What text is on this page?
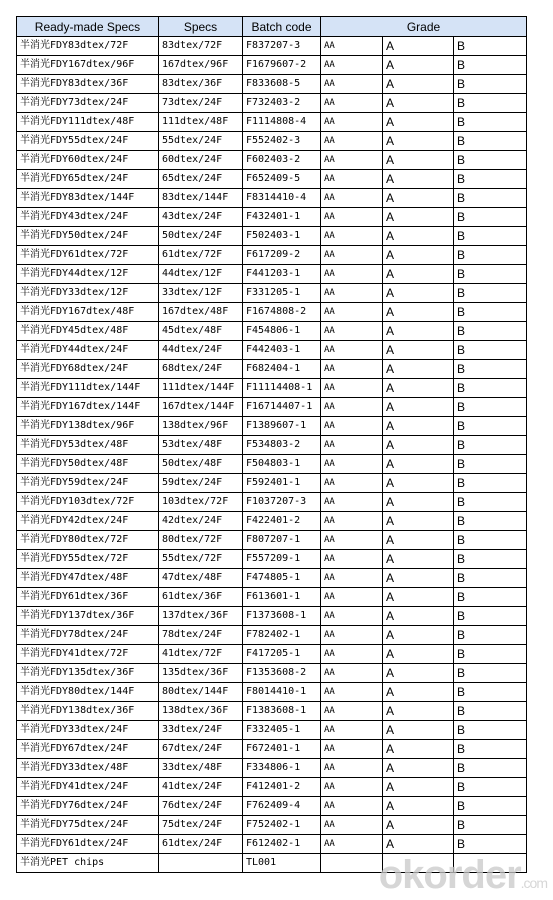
Ready-made Specs	Specs	Batch code	Grade		
半消光FDY83dtex/72F	83dtex/72F	F837207-3	AA	A	B
半消光FDY167dtex/96F	167dtex/96F	F1679607-2	AA	A	B
半消光FDY83dtex/36F	83dtex/36F	F833608-5	AA	A	B
半消光FDY73dtex/24F	73dtex/24F	F732403-2	AA	A	B
半消光FDY111dtex/48F	111dtex/48F	F1114808-4	AA	A	B
半消光FDY55dtex/24F	55dtex/24F	F552402-3	AA	A	B
半消光FDY60dtex/24F	60dtex/24F	F602403-2	AA	A	B
半消光FDY65dtex/24F	65dtex/24F	F652409-5	AA	A	B
半消光FDY83dtex/144F	83dtex/144F	F8314410-4	AA	A	B
半消光FDY43dtex/24F	43dtex/24F	F432401-1	AA	A	B
半消光FDY50dtex/24F	50dtex/24F	F502403-1	AA	A	B
半消光FDY61dtex/72F	61dtex/72F	F617209-2	AA	A	B
半消光FDY44dtex/12F	44dtex/12F	F441203-1	AA	A	B
半消光FDY33dtex/12F	33dtex/12F	F331205-1	AA	A	B
半消光FDY167dtex/48F	167dtex/48F	F1674808-2	AA	A	B
半消光FDY45dtex/48F	45dtex/48F	F454806-1	AA	A	B
半消光FDY44dtex/24F	44dtex/24F	F442403-1	AA	A	B
半消光FDY68dtex/24F	68dtex/24F	F682404-1	AA	A	B
半消光FDY111dtex/144F	111dtex/144F	F11114408-1	AA	A	B
半消光FDY167dtex/144F	167dtex/144F	F16714407-1	AA	A	B
半消光FDY138dtex/96F	138dtex/96F	F1389607-1	AA	A	B
半消光FDY53dtex/48F	53dtex/48F	F534803-2	AA	A	B
半消光FDY50dtex/48F	50dtex/48F	F504803-1	AA	A	B
半消光FDY59dtex/24F	59dtex/24F	F592401-1	AA	A	B
半消光FDY103dtex/72F	103dtex/72F	F1037207-3	AA	A	B
半消光FDY42dtex/24F	42dtex/24F	F422401-2	AA	A	B
半消光FDY80dtex/72F	80dtex/72F	F807207-1	AA	A	B
半消光FDY55dtex/72F	55dtex/72F	F557209-1	AA	A	B
半消光FDY47dtex/48F	47dtex/48F	F474805-1	AA	A	B
半消光FDY61dtex/36F	61dtex/36F	F613601-1	AA	A	B
半消光FDY137dtex/36F	137dtex/36F	F1373608-1	AA	A	B
半消光FDY78dtex/24F	78dtex/24F	F782402-1	AA	A	B
半消光FDY41dtex/72F	41dtex/72F	F417205-1	AA	A	B
半消光FDY135dtex/36F	135dtex/36F	F1353608-2	AA	A	B
半消光FDY80dtex/144F	80dtex/144F	F8014410-1	AA	A	B
半消光FDY138dtex/36F	138dtex/36F	F1383608-1	AA	A	B
半消光FDY33dtex/24F	33dtex/24F	F332405-1	AA	A	B
半消光FDY67dtex/24F	67dtex/24F	F672401-1	AA	A	B
半消光FDY33dtex/48F	33dtex/48F	F334806-1	AA	A	B
半消光FDY41dtex/24F	41dtex/24F	F412401-2	AA	A	B
半消光FDY76dtex/24F	76dtex/24F	F762409-4	AA	A	B
半消光FDY75dtex/24F	75dtex/24F	F752402-1	AA	A	B
半消光FDY61dtex/24F	61dtex/24F	F612402-1	AA	A	B
半消光PET chips		TL001				okorder.com
